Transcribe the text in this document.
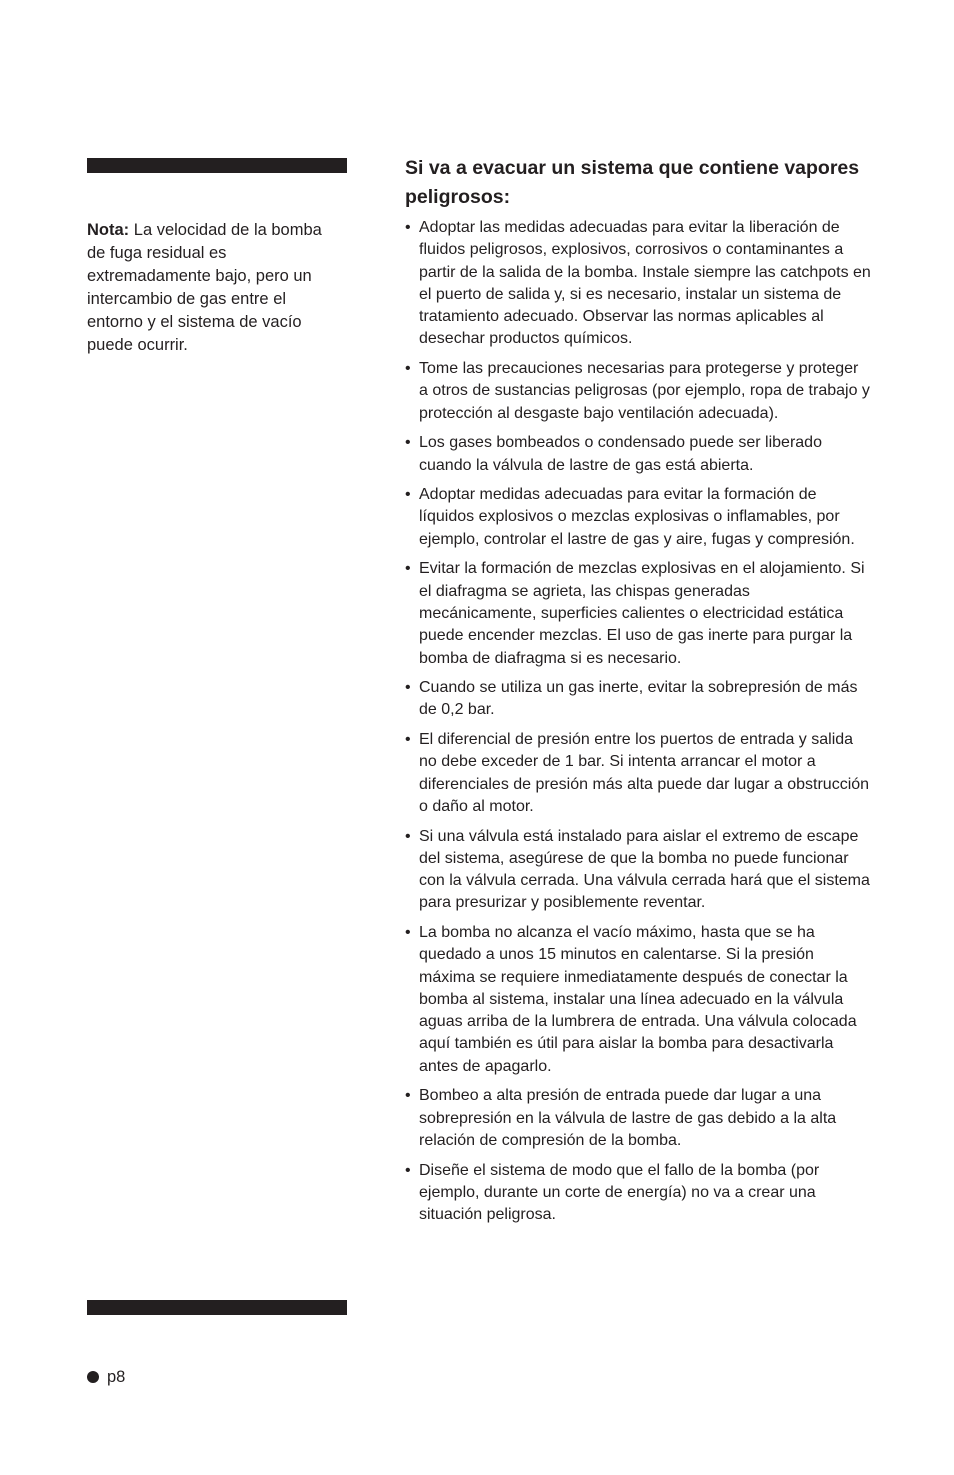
Nota: La velocidad de la bomba de fuga residual es extremadamente bajo, pero un intercambio de gas entre el entorno y el sistema de vacío puede ocurrir.
Si va a evacuar un sistema que contiene vapores peligrosos:
• Adoptar las medidas adecuadas para evitar la liberación de fluidos peligrosos, explosivos, corrosivos o contaminantes a partir de la salida de la bomba. Instale siempre las catchpots en el puerto de salida y, si es necesario, instalar un sistema de tratamiento adecuado. Observar las normas aplicables al desechar productos químicos.
• Tome las precauciones necesarias para protegerse y proteger a otros de sustancias peligrosas (por ejemplo, ropa de trabajo y protección al desgaste bajo ventilación adecuada).
• Los gases bombeados o condensado puede ser liberado cuando la válvula de lastre de gas está abierta.
• Adoptar medidas adecuadas para evitar la formación de líquidos explosivos o mezclas explosivas o inflamables, por ejemplo, controlar el lastre de gas y aire, fugas y compresión.
• Evitar la formación de mezclas explosivas en el alojamiento. Si el diafragma se agrieta, las chispas generadas mecánicamente, superficies calientes o electricidad estática puede encender mezclas. El uso de gas inerte para purgar la bomba de diafragma si es necesario.
• Cuando se utiliza un gas inerte, evitar la sobrepresión de más de 0,2 bar.
• El diferencial de presión entre los puertos de entrada y salida no debe exceder de 1 bar. Si intenta arrancar el motor a diferenciales de presión más alta puede dar lugar a obstrucción o daño al motor.
• Si una válvula está instalado para aislar el extremo de escape del sistema, asegúrese de que la bomba no puede funcionar con la válvula cerrada. Una válvula cerrada hará que el sistema para presurizar y posiblemente reventar.
• La bomba no alcanza el vacío máximo, hasta que se ha quedado a unos 15 minutos en calentarse. Si la presión máxima se requiere inmediatamente después de conectar la bomba al sistema, instalar una línea adecuado en la válvula aguas arriba de la lumbrera de entrada. Una válvula colocada aquí también es útil para aislar la bomba para desactivarla antes de apagarlo.
• Bombeo a alta presión de entrada puede dar lugar a una sobrepresión en la válvula de lastre de gas debido a la alta relación de compresión de la bomba.
• Diseñe el sistema de modo que el fallo de la bomba (por ejemplo, durante un corte de energía) no va a crear una situación peligrosa.
p8
